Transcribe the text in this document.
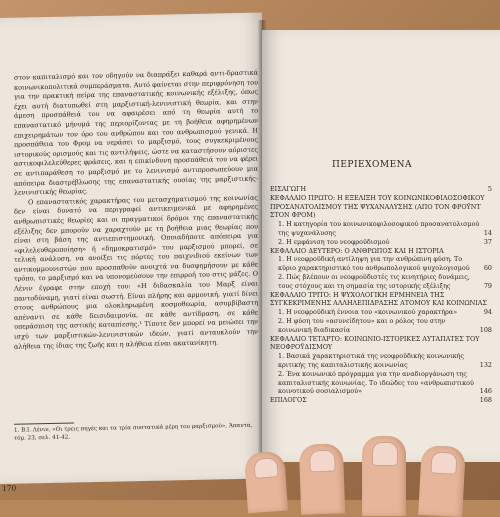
στον καπιταλισμό και τον οδηγούν να διαπράξει καθαρά αντι-δραστικά κοινωνικοπολιτικά συμπεράσματα. Αυτό φαίνεται στην περιφρόνηση του για την πρακτική πείρα της επαναστατικής κοινωνικής εξέλιξης, όπως έχει αυτή διατυπωθεί στη μαρξιστική-λενινιστική θεωρία, και στην άμεση προσπάθειά του να αφαιρέσει από τη θεωρία αυτή το επαναστατικό μήνυμά της περιορίζοντας με τη βοήθεια αφηρημένων επιχειρημάτων τον όρο του ανθρώπου και του ανθρωπισμού γενικά. Η προσπάθεια του Φρομ να νεράσει το μαρξισμό, τους συγκεκριμένους ιστορικούς ορισμούς και τις αντιλήψεις, ώστε να καταστήσουν αόριστες αστικοφιλελεύθερες φράσεις, και η επικίνδυνη προσπάθειά του να φέρει σε αντιπαράθεση το μαρξισμό με το λενινισμό αντιπροσωπεύουν μια απόπειρα διαστρέβλωσης της επαναστατικής ουσίας της μαρξιστικής-λενινιστικής θεωρίας.

Ο επαναστατικός χαρακτήρας του μετασχηματισμού της κοινωνίας δεν είναι δυνατό να περιγραφεί αντικειμενικά με αφηρημένες ανθρωπιστικές θεωρίες και οι πραγματικοί δρόμοι της επαναστατικής εξέλιξης δεν μπορούν να χαραχτούν με τη βοήθεια μιας θεωρίας που είναι στη βάση της αντιεπιστημονική. Οποιαδήποτε απόπειρα για «φιλελευθεροποίηση» ή «δημοκρατισμό» του μαρξισμού μπορεί, σε τελική ανάλυση, να ανοίξει τις πόρτες του παιχνιδιού εκείνων των αντικομμουνιστών που προσπαθούν ανοιχτά να δυσφημήσουν με κάθε τρόπο, το μαρξισμό και να υπονομεύσουν την επιρροή του στις μάζες. Ο Λένιν έγραφε στην εποχή του: «Η διδασκαλία του Μαρξ είναι παντοδύναμη, γιατί είναι σωστή. Είναι πλήρης και αρμονική, γιατί δίνει στους ανθρώπους μια ολοκληρωμένη κοσμοθεωρία, ασυμβίβαστη απέναντι σε κάθε δεισιδαιμονία, σε κάθε αντίδραση, σε κάθε υπεράσπιση της αστικής καταπίεσης.¹ Τίποτε δεν μπορεί να μειώσει την ισχύ των μαρξιστικών-λενινιστικών ιδεών, γιατί ανταυκλούν την αλήθεια της ίδιας της ζωής και η αλήθεια είναι ακατανίκητη.

1. Β.Ι. Λένιν, «Οι τρεις πηγές και τα τρία συστατικά μέρη του μαρξισμού», Άπαντα, τόμ. 23, σελ. 41-42.
170
ΠΕΡΙΕΧΟΜΕΝΑ
ΕΙΣΑΓΩΓΗ	5
ΚΕΦΑΛΑΙΟ ΠΡΩΤΟ: Η ΕΞΕΛΙΞΗ ΤΟΥ ΚΟΙΝΩΝΙΚΟΦΙΛΟΣΟΦΙΚΟΥ ΠΡΟΣΑΝΑΤΟΛΙΣΜΟΥ ΤΗΣ ΨΥΧΑΝΑΛΥΣΗΣ (ΑΠΟ ΤΟΝ ΦΡΟΫΝΤ ΣΤΟΝ ΦΡΟΜ)
1. Η κατηγορία του κοινωνικοφιλοσοφικού προσανατολισμού της ψυχανάλυσης	14
2. Η εμφάνιση του νεοφροϋδισμού	37
ΚΕΦΑΛΑΙΟ ΔΕΥΤΕΡΟ: Ο ΑΝΘΡΩΠΟΣ ΚΑΙ Η ΙΣΤΟΡΙΑ
1. Η νεοφροϋδική αντίληψη για την ανθρώπινη φύση. Το κύριο χαρακτηριστικό του ανθρωπολογικού ψυχολογισμού	60
2. Πώς βλέπουν οι νεοφροϋδιστές τις κινητήριες δυνάμεις, τους στόχους και τη σημασία της ιστορικής εξέλιξης	79
ΚΕΦΑΛΑΙΟ ΤΡΙΤΟ: Η ΨΥΧΟΛΟΓΙΚΗ ΕΡΜΗΝΕΙΑ ΤΗΣ ΣΥΓΚΕΚΡΙΜΕΝΗΣ ΑΛΛΗΛΕΠΙΔΡΑΣΗΣ ΑΤΟΜΟΥ ΚΑΙ ΚΟΙΝΩΝΙΑΣ
1. Η νεοφροϋδική έννοια του «κοινωνικού χαρακτήρα»	94
2. Η φύση του «ασυνείδητου» και ο ρόλος του στην κοινωνική διαδικασία	108
ΚΕΦΑΛΑΙΟ ΤΕΤΑΡΤΟ: ΚΟΙΝΩΝΙΟ-ΙΣΤΟΡΙΚΕΣ ΑΥΤΑΠΑΤΕΣ ΤΟΥ ΝΕΟΦΡΟΫΔΙΣΜΟΥ
1. Βασικά χαρακτηριστικά της νεοφροϋδικής κοινωνικής κριτικής της καπιταλιστικής κοινωνίας	132
2. Ένα κοινωνικό πρόγραμμα για την αναδιοργάνωση της καπιταλιστικής κοινωνίας. Το ιδεώδες του «ανθρωπιστικού κοινοτικού σοσιαλισμού»	146
ΕΠΙΛΟΓΟΣ	168
